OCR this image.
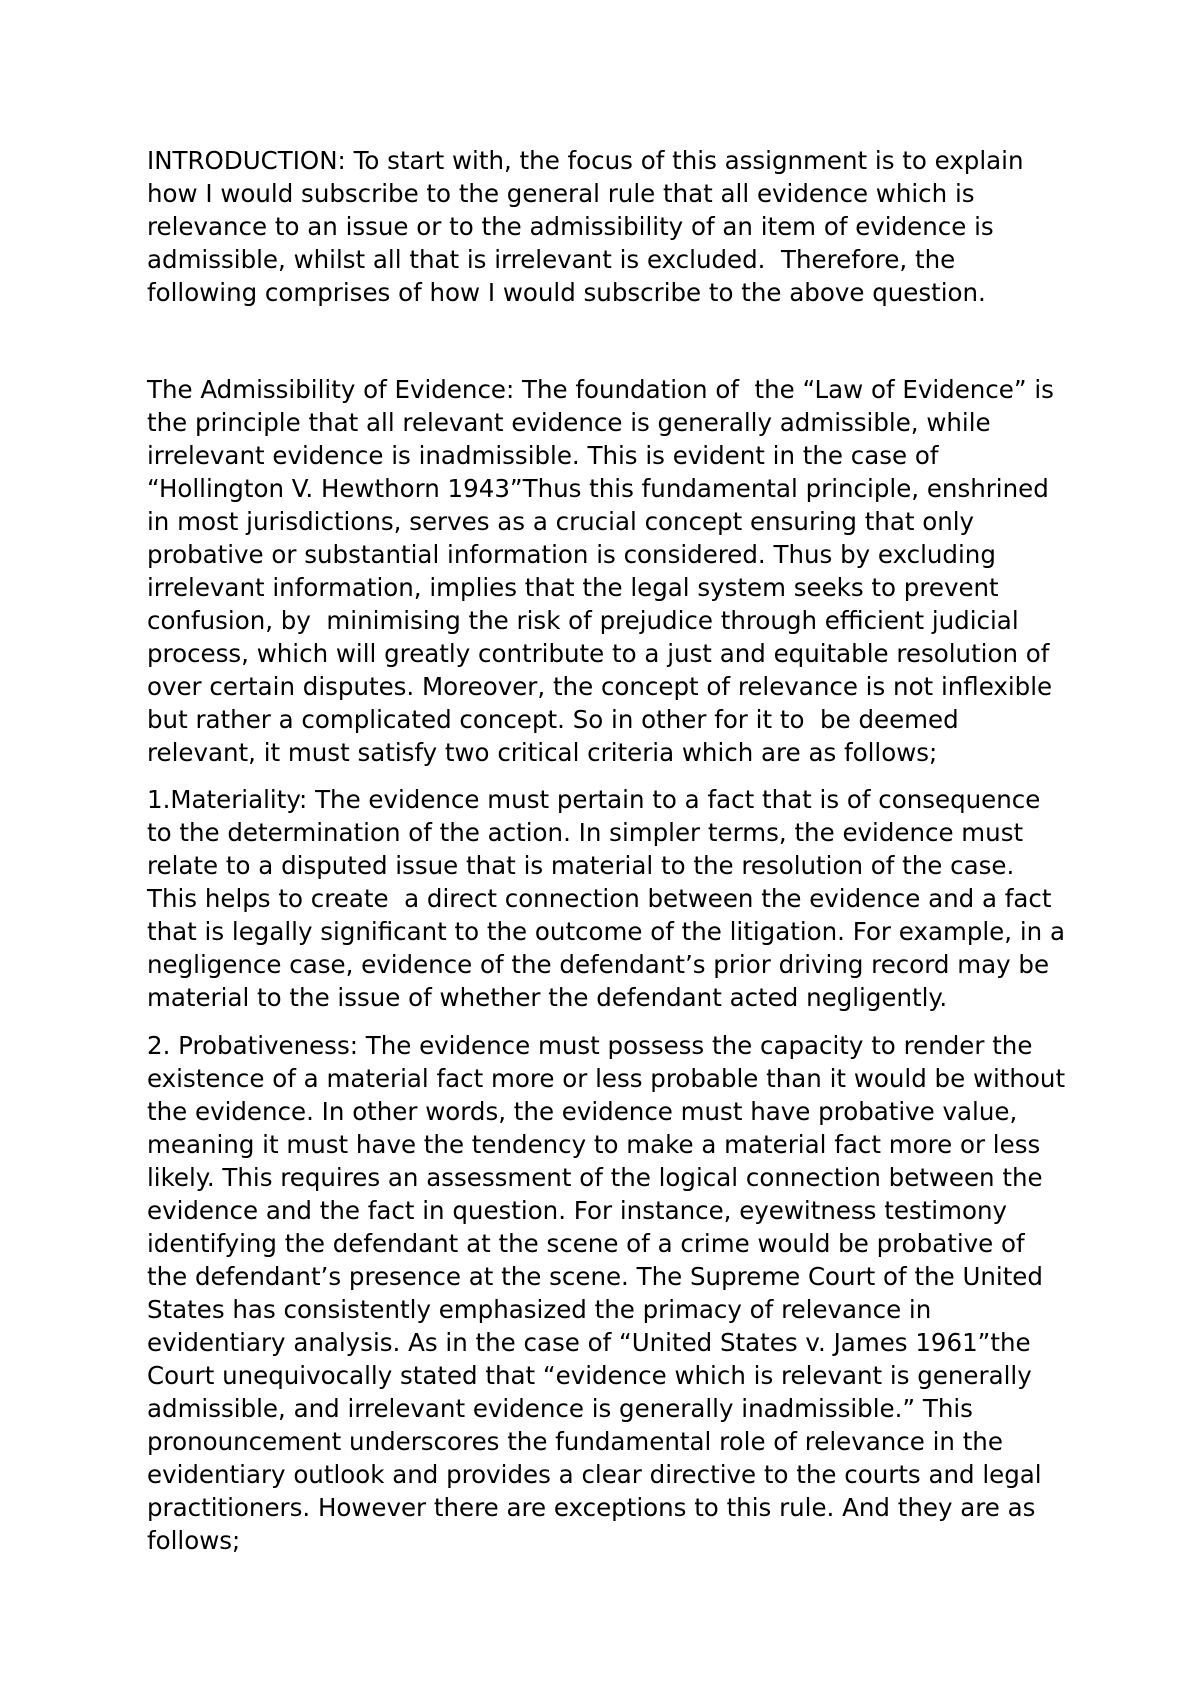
INTRODUCTION: To start with, the focus of this assignment is to explain
how I would subscribe to the general rule that all evidence which is
relevance to an issue or to the admissibility of an item of evidence is
admissible, whilst all that is irrelevant is excluded.  Therefore, the
following comprises of how I would subscribe to the above question.
The Admissibility of Evidence: The foundation of  the “Law of Evidence” is
the principle that all relevant evidence is generally admissible, while
irrelevant evidence is inadmissible. This is evident in the case of
“Hollington V. Hewthorn 1943”Thus this fundamental principle, enshrined
in most jurisdictions, serves as a crucial concept ensuring that only
probative or substantial information is considered. Thus by excluding
irrelevant information, implies that the legal system seeks to prevent
confusion, by  minimising the risk of prejudice through efficient judicial
process, which will greatly contribute to a just and equitable resolution of
over certain disputes. Moreover, the concept of relevance is not inflexible
but rather a complicated concept. So in other for it to  be deemed
relevant, it must satisfy two critical criteria which are as follows;
1.Materiality: The evidence must pertain to a fact that is of consequence
to the determination of the action. In simpler terms, the evidence must
relate to a disputed issue that is material to the resolution of the case.
This helps to create  a direct connection between the evidence and a fact
that is legally significant to the outcome of the litigation. For example, in a
negligence case, evidence of the defendant’s prior driving record may be
material to the issue of whether the defendant acted negligently.
2. Probativeness: The evidence must possess the capacity to render the
existence of a material fact more or less probable than it would be without
the evidence. In other words, the evidence must have probative value,
meaning it must have the tendency to make a material fact more or less
likely. This requires an assessment of the logical connection between the
evidence and the fact in question. For instance, eyewitness testimony
identifying the defendant at the scene of a crime would be probative of
the defendant’s presence at the scene. The Supreme Court of the United
States has consistently emphasized the primacy of relevance in
evidentiary analysis. As in the case of “United States v. James 1961”the
Court unequivocally stated that “evidence which is relevant is generally
admissible, and irrelevant evidence is generally inadmissible.” This
pronouncement underscores the fundamental role of relevance in the
evidentiary outlook and provides a clear directive to the courts and legal
practitioners. However there are exceptions to this rule. And they are as
follows;
